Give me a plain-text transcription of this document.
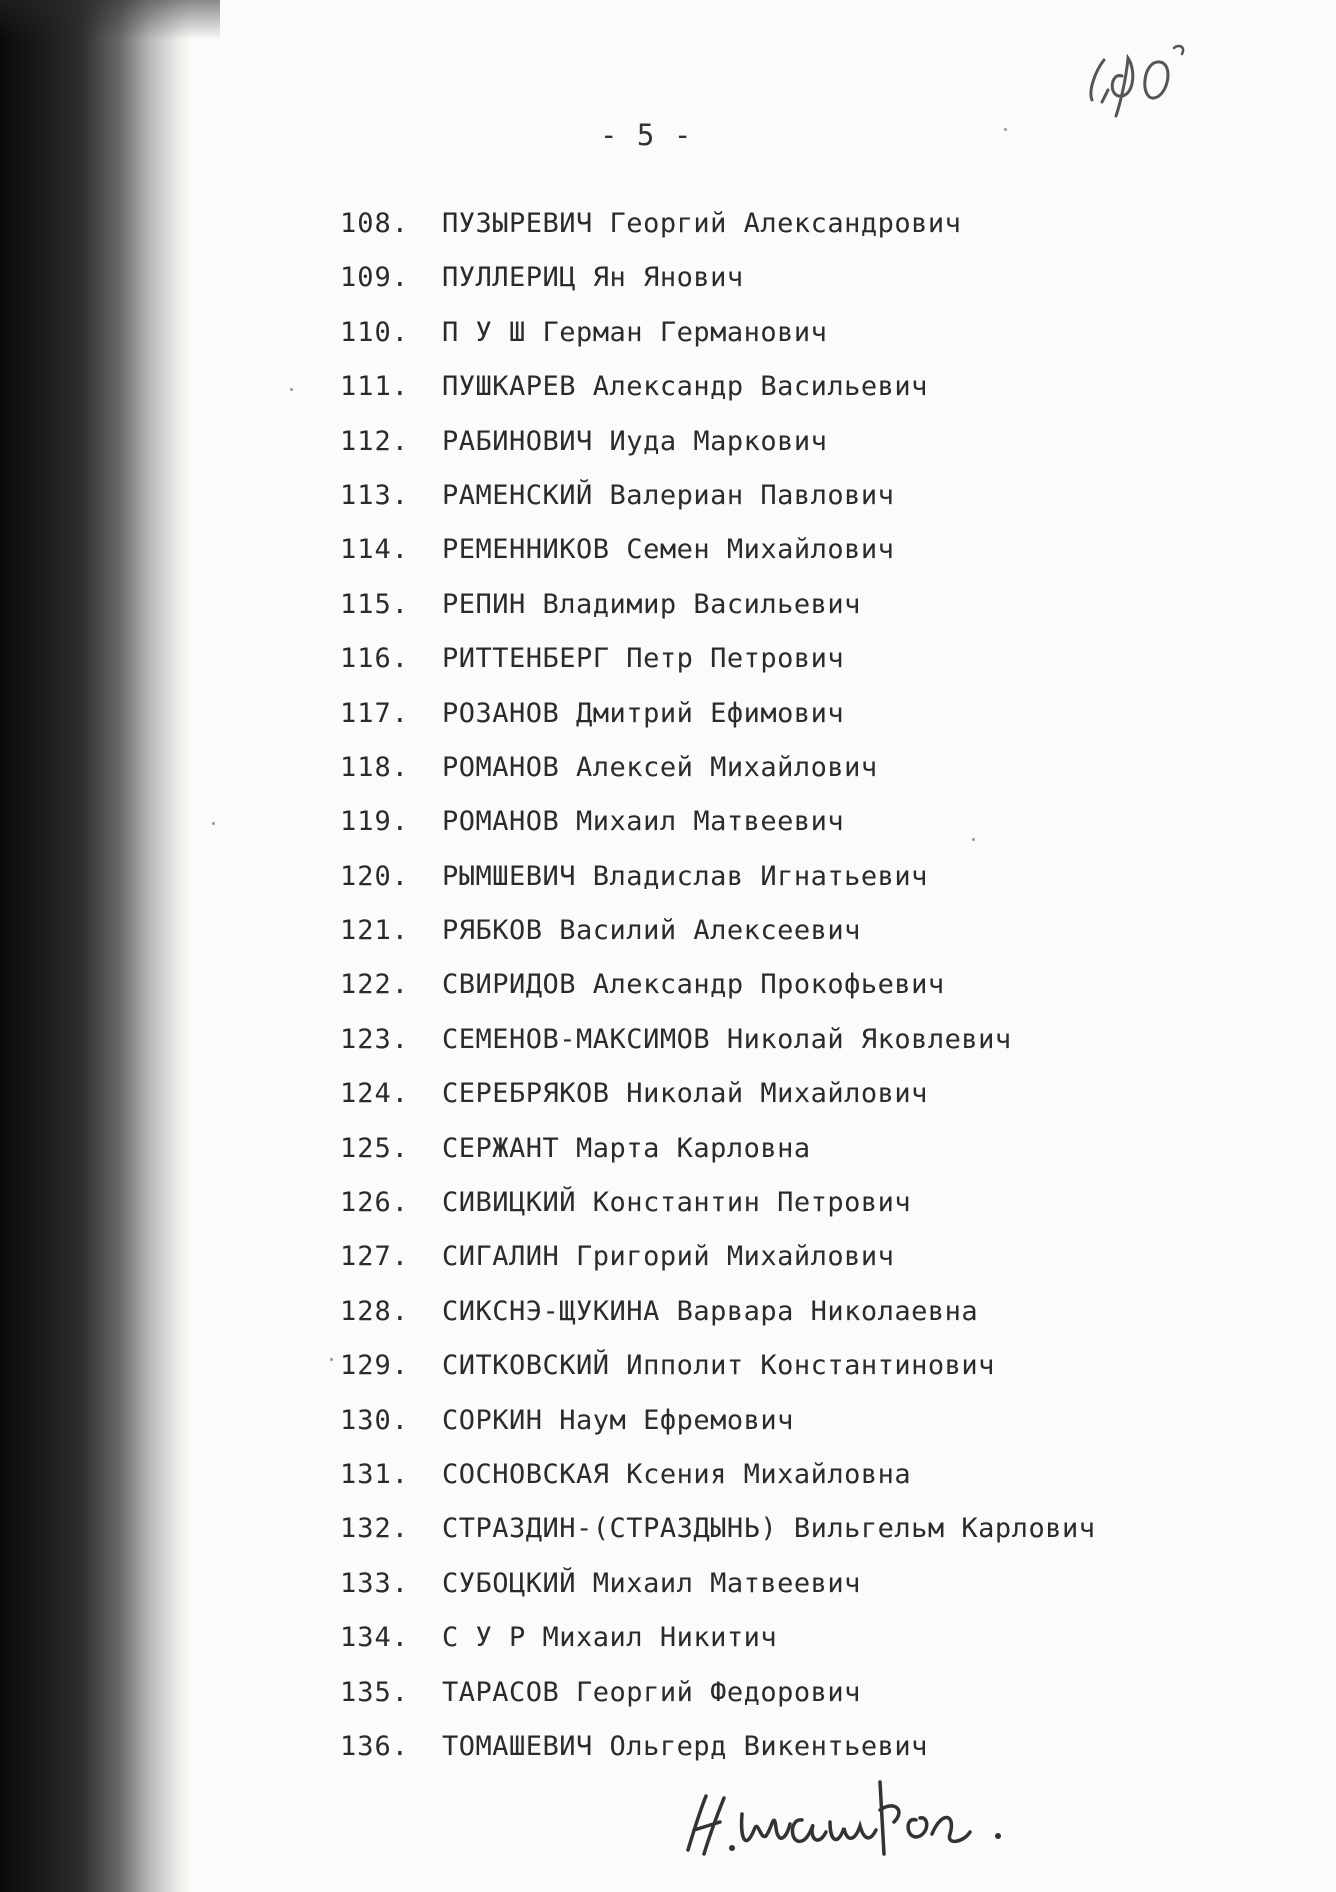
- 5 -
108.	ПУЗЫРЕВИЧ Георгий Александрович
109.	ПУЛЛЕРИЦ Ян Янович
110.	П У Ш Герман Германович
111.	ПУШКАРЕВ Александр Васильевич
112.	РАБИНОВИЧ Иуда Маркович
113.	РАМЕНСКИЙ Валериан Павлович
114.	РЕМЕННИКОВ Семен Михайлович
115.	РЕПИН Владимир Васильевич
116.	РИТТЕНБЕРГ Петр Петрович
117.	РОЗАНОВ Дмитрий Ефимович
118.	РОМАНОВ Алексей Михайлович
119.	РОМАНОВ Михаил Матвеевич
120.	РЫМШЕВИЧ Владислав Игнатьевич
121.	РЯБКОВ Василий Алексеевич
122.	СВИРИДОВ Александр Прокофьевич
123.	СЕМЕНОВ-МАКСИМОВ Николай Яковлевич
124.	СЕРЕБРЯКОВ Николай Михайлович
125.	СЕРЖАНТ Марта Карловна
126.	СИВИЦКИЙ Константин Петрович
127.	СИГАЛИН Григорий Михайлович
128.	СИКСНЭ-ЩУКИНА Варвара Николаевна
129.	СИТКОВСКИЙ Ипполит Константинович
130.	СОРКИН Наум Ефремович
131.	СОСНОВСКАЯ Ксения Михайловна
132.	СТРАЗДИН-(СТРАЗДЫНЬ) Вильгельм Карлович
133.	СУБОЦКИЙ Михаил Матвеевич
134.	С У Р Михаил Никитич
135.	ТАРАСОВ Георгий Федорович
136.	ТОМАШЕВИЧ Ольгерд Викентьевич
